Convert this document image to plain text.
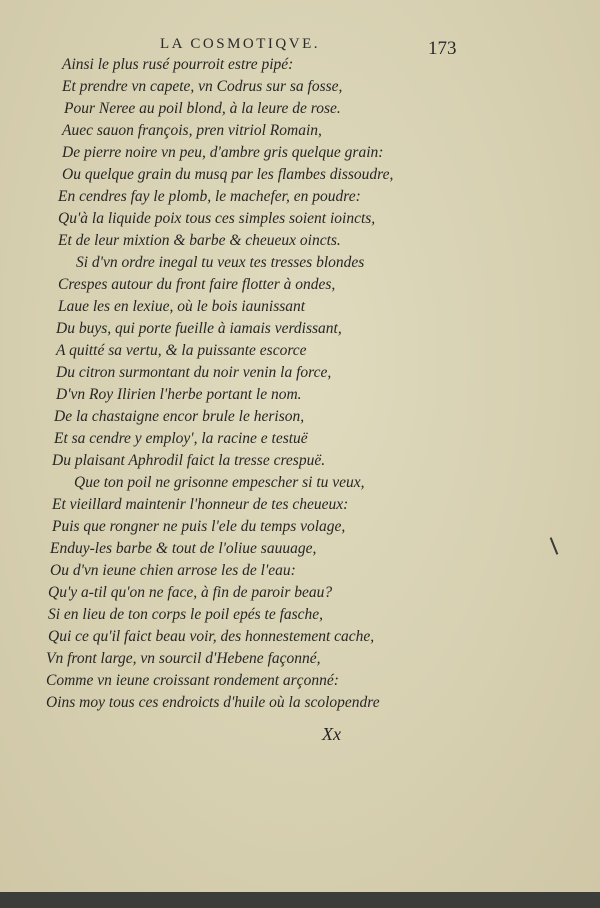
LA COSMOTIQVE.	173
Ainsi le plus rusé pourroit estre pipé:
Et prendre vn capete, vn Codrus sur sa fosse,
Pour Neree au poil blond, à la leure de rose.
Auec sauon françois, pren vitriol Romain,
De pierre noire vn peu, d'ambre gris quelque grain:
Ou quelque grain du musq par les flambes dissoudre,
En cendres fay le plomb, le machefer, en poudre:
Qu'à la liquide poix tous ces simples soient ioincts,
Et de leur mixtion & barbe & cheueux oincts.
Si d'vn ordre inegal tu veux tes tresses blondes
Crespes autour du front faire flotter à ondes,
Laue les en lexiue, où le bois iaunissant
Du buys, qui porte fueille à iamais verdissant,
A quitté sa vertu, & la puissante escorce
Du citron surmontant du noir venin la force,
D'vn Roy Ilirien l'herbe portant le nom.
De la chastaigne encor brule le herison,
Et sa cendre y employ', la racine e testuë
Du plaisant Aphrodil faict la tresse crespuë.
Que ton poil ne grisonne empescher si tu veux,
Et vieillard maintenir l'honneur de tes cheueux:
Puis que rongner ne puis l'ele du temps volage,
Enduy-les barbe & tout de l'oliue sauuage,
Ou d'vn ieune chien arrose les de l'eau:
Qu'y a-til qu'on ne face, à fin de paroir beau?
Si en lieu de ton corps le poil epés te fasche,
Qui ce qu'il faict beau voir, des honnestement cache,
Vn front large, vn sourcil d'Hebene façonné,
Comme vn ieune croissant rondement arçonné:
Oins moy tous ces endroicts d'huile où la scolopendre
Xx
